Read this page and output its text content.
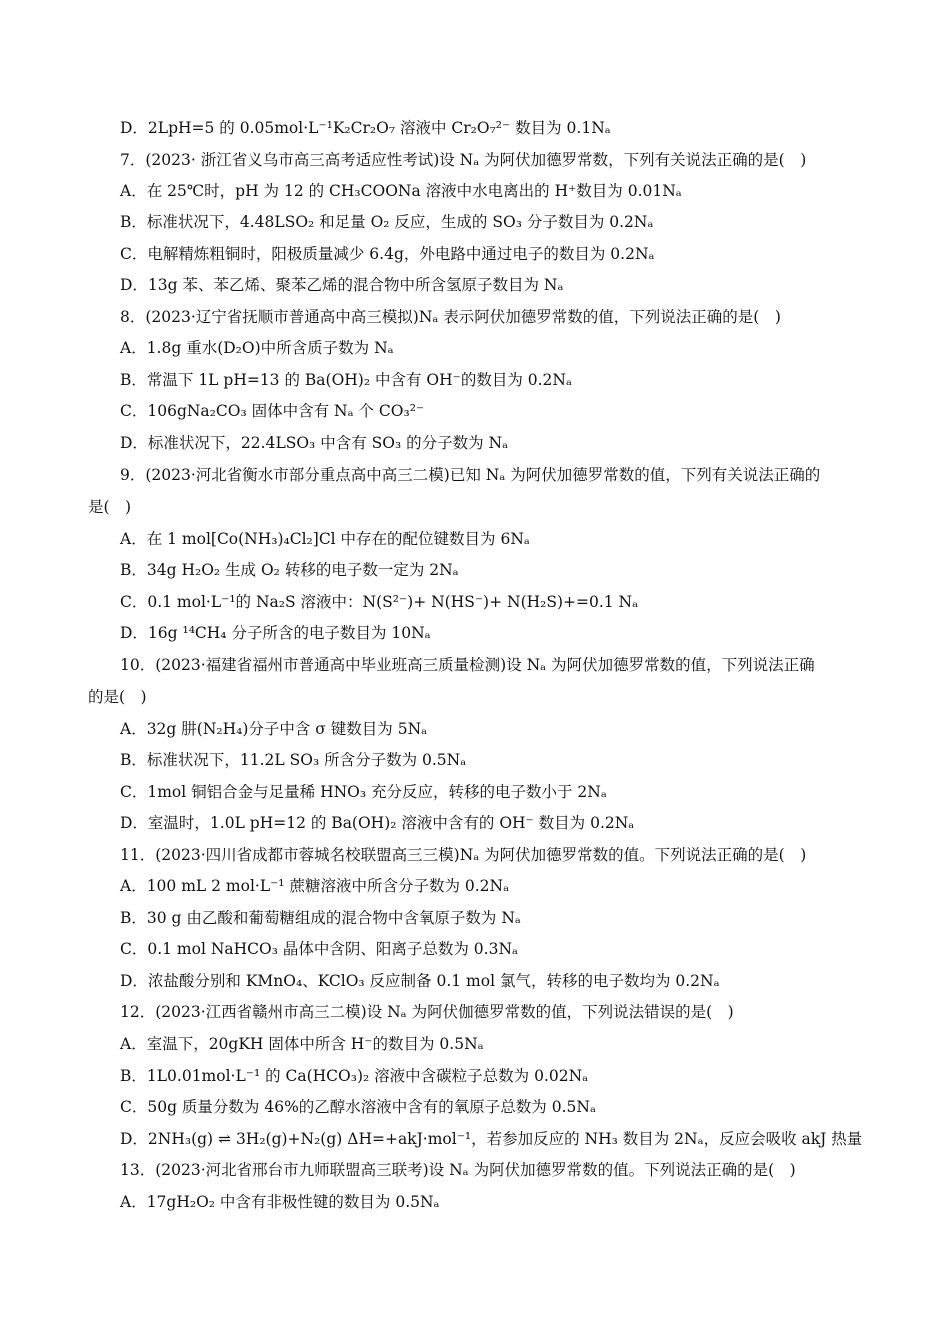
D．2LpH=5 的 0.05mol·L⁻¹K₂Cr₂O₇ 溶液中 Cr₂O₇²⁻ 数目为 0.1Nₐ
7．(2023· 浙江省义乌市高三高考适应性考试)设 Nₐ 为阿伏加德罗常数，下列有关说法正确的是(　)
A．在 25℃时，pH 为 12 的 CH₃COONa 溶液中水电离出的 H⁺数目为 0.01Nₐ
B．标准状况下，4.48LSO₂ 和足量 O₂ 反应，生成的 SO₃ 分子数目为 0.2Nₐ
C．电解精炼粗铜时，阳极质量减少 6.4g，外电路中通过电子的数目为 0.2Nₐ
D．13g 苯、苯乙烯、聚苯乙烯的混合物中所含氢原子数目为 Nₐ
8．(2023·辽宁省抚顺市普通高中高三模拟)Nₐ 表示阿伏加德罗常数的值，下列说法正确的是(　)
A．1.8g 重水(D₂O)中所含质子数为 Nₐ
B．常温下 1L pH=13 的 Ba(OH)₂ 中含有 OH⁻的数目为 0.2Nₐ
C．106gNa₂CO₃ 固体中含有 Nₐ 个 CO₃²⁻
D．标准状况下，22.4LSO₃ 中含有 SO₃ 的分子数为 Nₐ
9．(2023·河北省衡水市部分重点高中高三二模)已知 Nₐ 为阿伏加德罗常数的值，下列有关说法正确的
是(　)
A．在 1 mol[Co(NH₃)₄Cl₂]Cl 中存在的配位键数目为 6Nₐ
B．34g H₂O₂ 生成 O₂ 转移的电子数一定为 2Nₐ
C．0.1 mol·L⁻¹的 Na₂S 溶液中：N(S²⁻)+ N(HS⁻)+ N(H₂S)+=0.1 Nₐ
D．16g ¹⁴CH₄ 分子所含的电子数目为 10Nₐ
10．(2023·福建省福州市普通高中毕业班高三质量检测)设 Nₐ 为阿伏加德罗常数的值，下列说法正确
的是(　)
A．32g 肼(N₂H₄)分子中含 σ 键数目为 5Nₐ
B．标准状况下，11.2L SO₃ 所含分子数为 0.5Nₐ
C．1mol 铜铝合金与足量稀 HNO₃ 充分反应，转移的电子数小于 2Nₐ
D．室温时，1.0L pH=12 的 Ba(OH)₂ 溶液中含有的 OH⁻ 数目为 0.2Nₐ
11．(2023·四川省成都市蓉城名校联盟高三三模)Nₐ 为阿伏加德罗常数的值。下列说法正确的是(　)
A．100 mL 2 mol·L⁻¹ 蔗糖溶液中所含分子数为 0.2Nₐ
B．30 g 由乙酸和葡萄糖组成的混合物中含氧原子数为 Nₐ
C．0.1 mol NaHCO₃ 晶体中含阴、阳离子总数为 0.3Nₐ
D．浓盐酸分别和 KMnO₄、KClO₃ 反应制备 0.1 mol 氯气，转移的电子数均为 0.2Nₐ
12．(2023·江西省赣州市高三二模)设 Nₐ 为阿伏伽德罗常数的值，下列说法错误的是(　)
A．室温下，20gKH 固体中所含 H⁻的数目为 0.5Nₐ
B．1L0.01mol·L⁻¹ 的 Ca(HCO₃)₂ 溶液中含碳粒子总数为 0.02Nₐ
C．50g 质量分数为 46%的乙醇水溶液中含有的氧原子总数为 0.5Nₐ
D．2NH₃(g) ⇌ 3H₂(g)+N₂(g) ΔH=+akJ·mol⁻¹，若参加反应的 NH₃ 数目为 2Nₐ，反应会吸收 akJ 热量
13．(2023·河北省邢台市九师联盟高三联考)设 Nₐ 为阿伏加德罗常数的值。下列说法正确的是(　)
A．17gH₂O₂ 中含有非极性键的数目为 0.5Nₐ
